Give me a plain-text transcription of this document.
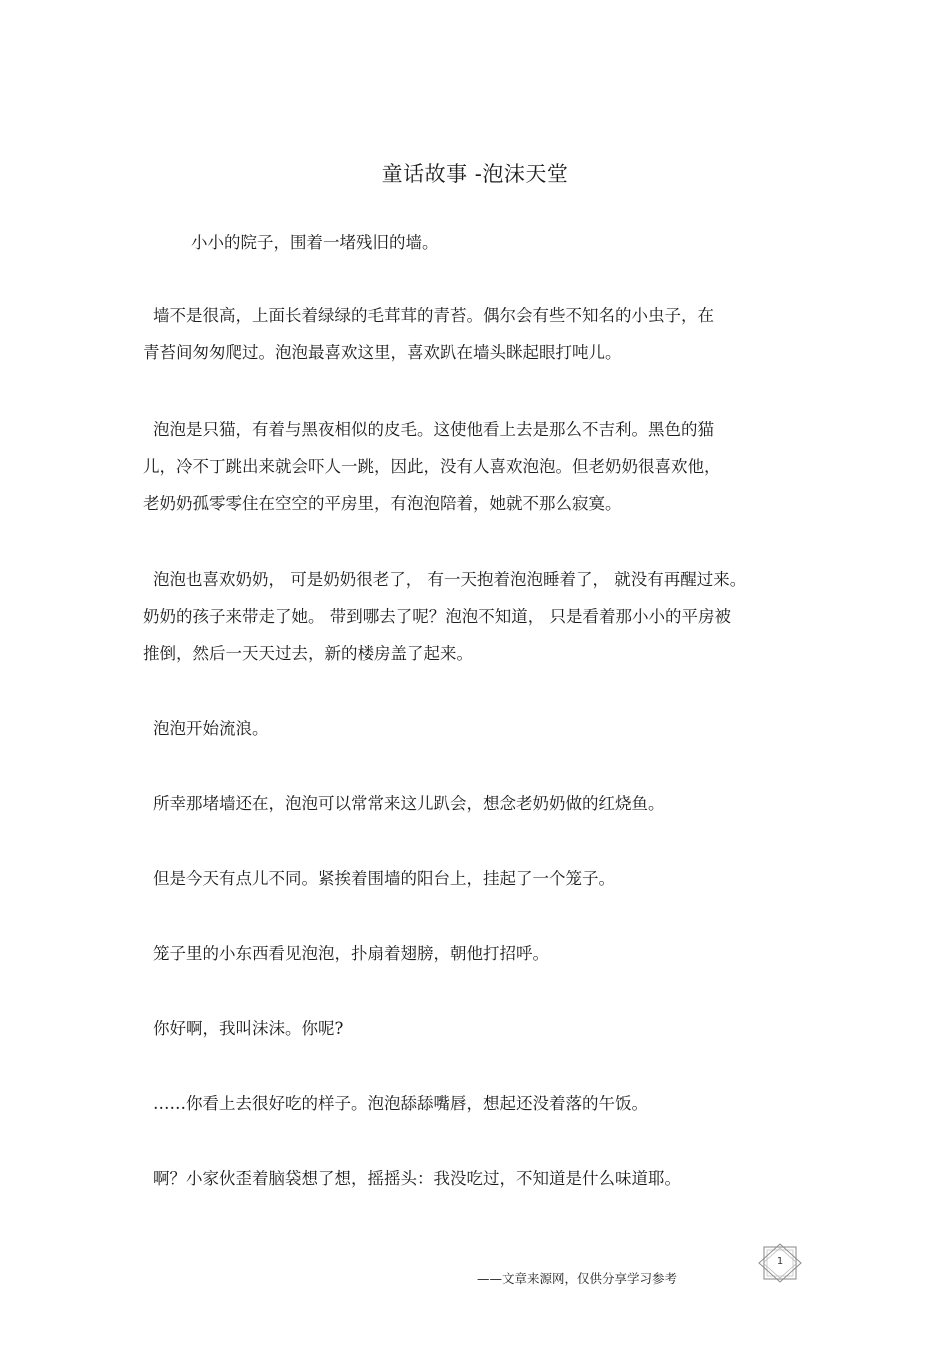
童话故事 -泡沫天堂
小小的院子，围着一堵残旧的墙。
墙不是很高，上面长着绿绿的毛茸茸的青苔。偶尔会有些不知名的小虫子，在
青苔间匆匆爬过。泡泡最喜欢这里，喜欢趴在墙头眯起眼打吨儿。
泡泡是只猫，有着与黑夜相似的皮毛。这使他看上去是那么不吉利。黑色的猫
儿，冷不丁跳出来就会吓人一跳，因此，没有人喜欢泡泡。但老奶奶很喜欢他，
老奶奶孤零零住在空空的平房里，有泡泡陪着，她就不那么寂寞。
泡泡也喜欢奶奶， 可是奶奶很老了， 有一天抱着泡泡睡着了， 就没有再醒过来。
奶奶的孩子来带走了她。 带到哪去了呢？泡泡不知道， 只是看着那小小的平房被
推倒，然后一天天过去，新的楼房盖了起来。
泡泡开始流浪。
所幸那堵墙还在，泡泡可以常常来这儿趴会，想念老奶奶做的红烧鱼。
但是今天有点儿不同。紧挨着围墙的阳台上，挂起了一个笼子。
笼子里的小东西看见泡泡，扑扇着翅膀，朝他打招呼。
你好啊，我叫沫沫。你呢?
……你看上去很好吃的样子。泡泡舔舔嘴唇，想起还没着落的午饭。
啊？小家伙歪着脑袋想了想，摇摇头：我没吃过，不知道是什么味道耶。
——文章来源网，仅供分享学习参考
1
